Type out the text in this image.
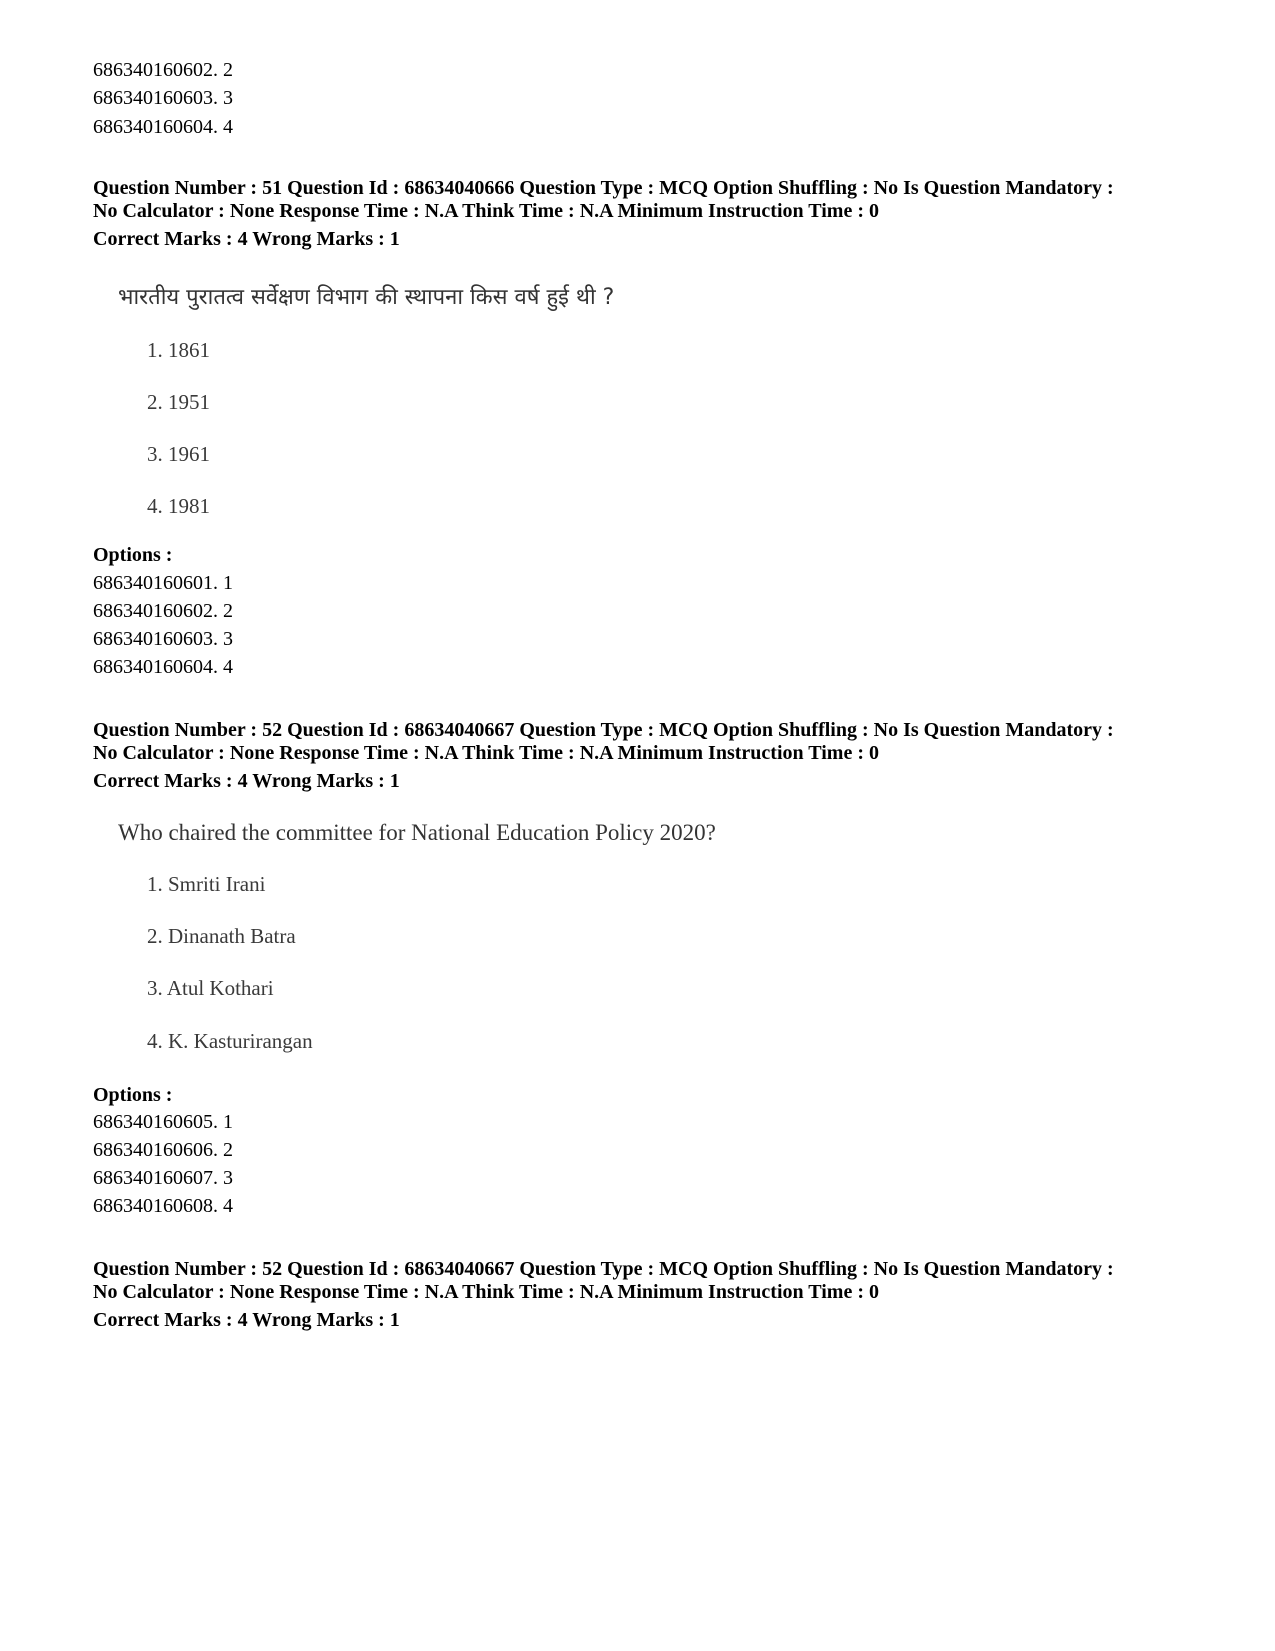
686340160602. 2
686340160603. 3
686340160604. 4
Question Number : 51 Question Id : 68634040666 Question Type : MCQ Option Shuffling : No Is Question Mandatory :
No Calculator : None Response Time : N.A Think Time : N.A Minimum Instruction Time : 0
Correct Marks : 4 Wrong Marks : 1
भारतीय पुरातत्व सर्वेक्षण विभाग की स्थापना किस वर्ष हुई थी ?
1. 1861
2. 1951
3. 1961
4. 1981
Options :
686340160601. 1
686340160602. 2
686340160603. 3
686340160604. 4
Question Number : 52 Question Id : 68634040667 Question Type : MCQ Option Shuffling : No Is Question Mandatory :
No Calculator : None Response Time : N.A Think Time : N.A Minimum Instruction Time : 0
Correct Marks : 4 Wrong Marks : 1
Who chaired the committee for National Education Policy 2020?
1. Smriti Irani
2. Dinanath Batra
3. Atul Kothari
4. K. Kasturirangan
Options :
686340160605. 1
686340160606. 2
686340160607. 3
686340160608. 4
Question Number : 52 Question Id : 68634040667 Question Type : MCQ Option Shuffling : No Is Question Mandatory :
No Calculator : None Response Time : N.A Think Time : N.A Minimum Instruction Time : 0
Correct Marks : 4 Wrong Marks : 1
